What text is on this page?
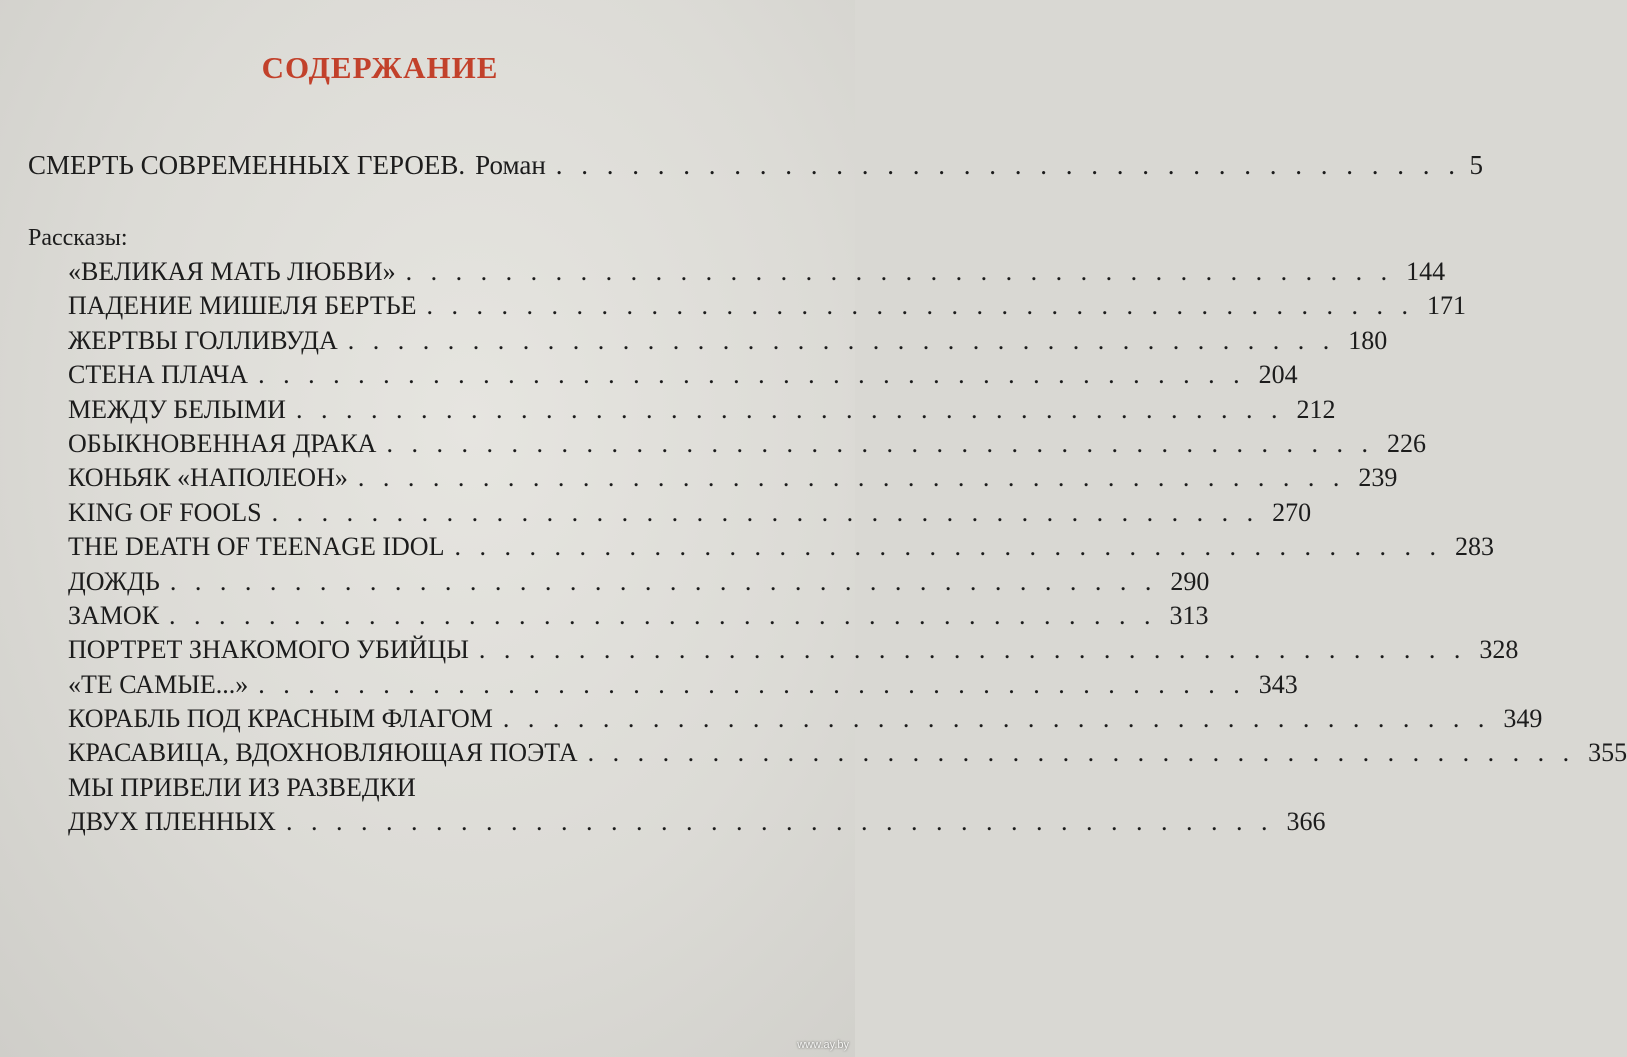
СОДЕРЖАНИЕ
СМЕРТЬ СОВРЕМЕННЫХ ГЕРОЕВ. Роман . . . . . . . . . . . . . . . . . . . . . . . . . . . . . . . . . . . . 5
Рассказы:
«ВЕЛИКАЯ МАТЬ ЛЮБВИ» . . . . . . . . . . . . . . . . . . . . . . . . . . . . . . . . . . . . . . . . 144
ПАДЕНИЕ МИШЕЛЯ БЕРТЬЕ . . . . . . . . . . . . . . . . . . . . . . . . . . . . . . . . . . . . . . . . 171
ЖЕРТВЫ ГОЛЛИВУДА . . . . . . . . . . . . . . . . . . . . . . . . . . . . . . . . . . . . . . . . 180
СТЕНА ПЛАЧА . . . . . . . . . . . . . . . . . . . . . . . . . . . . . . . . . . . . . . . . 204
МЕЖДУ БЕЛЫМИ . . . . . . . . . . . . . . . . . . . . . . . . . . . . . . . . . . . . . . . . 212
ОБЫКНОВЕННАЯ ДРАКА . . . . . . . . . . . . . . . . . . . . . . . . . . . . . . . . . . . . . . . . 226
КОНЬЯК «НАПОЛЕОН» . . . . . . . . . . . . . . . . . . . . . . . . . . . . . . . . . . . . . . . . 239
KING OF FOOLS . . . . . . . . . . . . . . . . . . . . . . . . . . . . . . . . . . . . . . . . 270
THE DEATH OF TEENAGE IDOL . . . . . . . . . . . . . . . . . . . . . . . . . . . . . . . . . . . . . . . . 283
ДОЖДЬ . . . . . . . . . . . . . . . . . . . . . . . . . . . . . . . . . . . . . . . . 290
ЗАМОК . . . . . . . . . . . . . . . . . . . . . . . . . . . . . . . . . . . . . . . . 313
ПОРТРЕТ ЗНАКОМОГО УБИЙЦЫ . . . . . . . . . . . . . . . . . . . . . . . . . . . . . . . . . . . . . . . . 328
«ТЕ САМЫЕ...» . . . . . . . . . . . . . . . . . . . . . . . . . . . . . . . . . . . . . . . . 343
КОРАБЛЬ ПОД КРАСНЫМ ФЛАГОМ . . . . . . . . . . . . . . . . . . . . . . . . . . . . . . . . . . . . . . . . 349
КРАСАВИЦА, ВДОХНОВЛЯЮЩАЯ ПОЭТА . . . . . . . . . . . . . . . . . . . . . . . . . . . . . . . . . . . . . . . . 355
МЫ ПРИВЕЛИ ИЗ РАЗВЕДКИ
ДВУХ ПЛЕННЫХ . . . . . . . . . . . . . . . . . . . . . . . . . . . . . . . . . . . . . . . . 366
www.ay.by
